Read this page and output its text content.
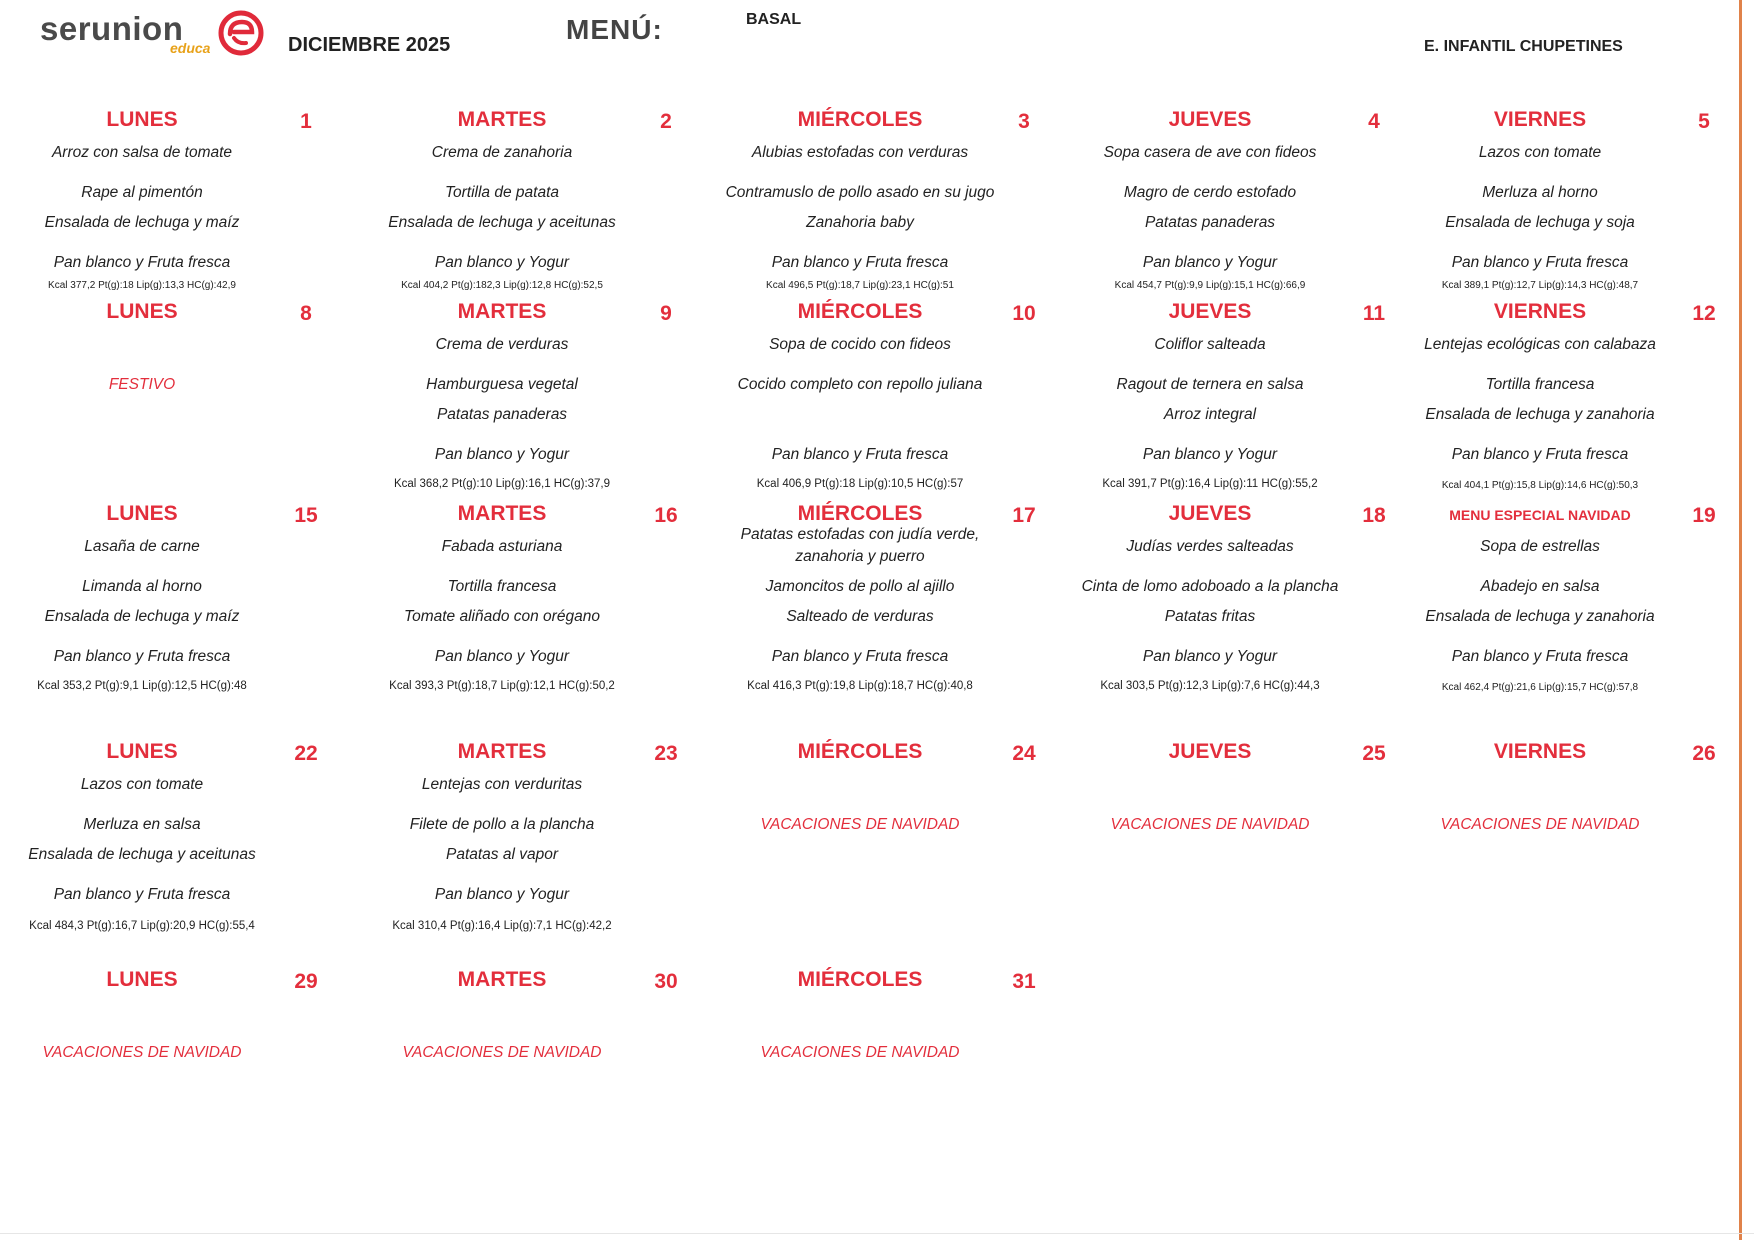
serunion
educa	DICIEMBRE 2025	MENÚ:	BASAL
E. INFANTIL CHUPETINES
LUNES	1
Arroz con salsa de tomate
Rape al pimentón
Ensalada de lechuga y maíz
Pan blanco y Fruta fresca
Kcal 377,2 Pt(g):18 Lip(g):13,3 HC(g):42,9
MARTES	2
Crema de zanahoria
Tortilla de patata
Ensalada de lechuga y aceitunas
Pan blanco y Yogur
Kcal 404,2 Pt(g):182,3 Lip(g):12,8 HC(g):52,5
MIÉRCOLES	3
Alubias estofadas con verduras
Contramuslo de pollo asado en su jugo
Zanahoria baby
Pan blanco y Fruta fresca
Kcal 496,5 Pt(g):18,7 Lip(g):23,1 HC(g):51
JUEVES	4
Sopa casera de ave con fideos
Magro de cerdo estofado
Patatas panaderas
Pan blanco y Yogur
Kcal 454,7 Pt(g):9,9 Lip(g):15,1 HC(g):66,9
VIERNES	5
Lazos con tomate
Merluza al horno
Ensalada de lechuga y soja
Pan blanco y Fruta fresca
Kcal 389,1 Pt(g):12,7 Lip(g):14,3 HC(g):48,7
LUNES	8
FESTIVO
MARTES	9
Crema de verduras
Hamburguesa vegetal
Patatas panaderas
Pan blanco y Yogur
Kcal 368,2 Pt(g):10 Lip(g):16,1 HC(g):37,9
MIÉRCOLES	10
Sopa de cocido con fideos
Cocido completo con repollo juliana
Pan blanco y Fruta fresca
Kcal 406,9 Pt(g):18 Lip(g):10,5 HC(g):57
JUEVES	11
Coliflor salteada
Ragout de ternera en salsa
Arroz integral
Pan blanco y Yogur
Kcal 391,7 Pt(g):16,4 Lip(g):11 HC(g):55,2
VIERNES	12
Lentejas ecológicas con calabaza
Tortilla francesa
Ensalada de lechuga y zanahoria
Pan blanco y Fruta fresca
Kcal 404,1 Pt(g):15,8 Lip(g):14,6 HC(g):50,3
LUNES	15
Lasaña de carne
Limanda al horno
Ensalada de lechuga y maíz
Pan blanco y Fruta fresca
Kcal 353,2 Pt(g):9,1 Lip(g):12,5 HC(g):48
MARTES	16
Fabada asturiana
Tortilla francesa
Tomate aliñado con orégano
Pan blanco y Yogur
Kcal 393,3 Pt(g):18,7 Lip(g):12,1 HC(g):50,2
MIÉRCOLES	17
Patatas estofadas con judía verde, zanahoria y puerro
Jamoncitos de pollo al ajillo
Salteado de verduras
Pan blanco y Fruta fresca
Kcal 416,3 Pt(g):19,8 Lip(g):18,7 HC(g):40,8
JUEVES	18
Judías verdes salteadas
Cinta de lomo adoboado a la plancha
Patatas fritas
Pan blanco y Yogur
Kcal 303,5 Pt(g):12,3 Lip(g):7,6 HC(g):44,3
MENU ESPECIAL NAVIDAD	19
Sopa de estrellas
Abadejo en salsa
Ensalada de lechuga y zanahoria
Pan blanco y Fruta fresca
Kcal 462,4 Pt(g):21,6 Lip(g):15,7 HC(g):57,8
LUNES	22
Lazos con tomate
Merluza en salsa
Ensalada de lechuga y aceitunas
Pan blanco y Fruta fresca
Kcal 484,3 Pt(g):16,7 Lip(g):20,9 HC(g):55,4
MARTES	23
Lentejas con verduritas
Filete de pollo a la plancha
Patatas al vapor
Pan blanco y Yogur
Kcal 310,4 Pt(g):16,4 Lip(g):7,1 HC(g):42,2
MIÉRCOLES	24
VACACIONES DE NAVIDAD
JUEVES	25
VACACIONES DE NAVIDAD
VIERNES	26
VACACIONES DE NAVIDAD
LUNES	29
VACACIONES DE NAVIDAD
MARTES	30
VACACIONES DE NAVIDAD
MIÉRCOLES	31
VACACIONES DE NAVIDAD
